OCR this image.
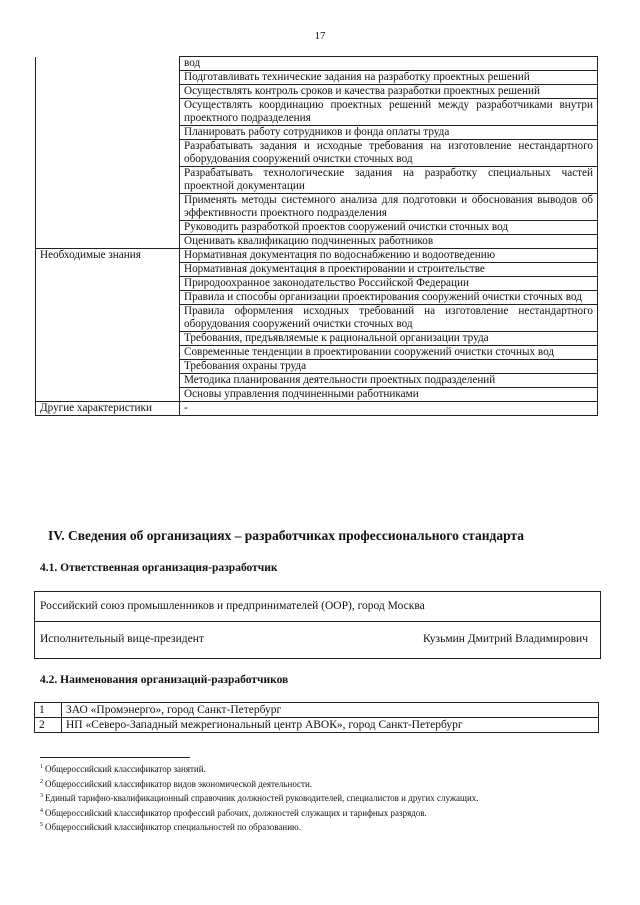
17
	вод
	Подготавливать технические задания на разработку проектных решений
	Осуществлять контроль сроков и качества разработки проектных решений
	Осуществлять координацию проектных решений между разработчиками внутри проектного подразделения
	Планировать работу сотрудников и фонда оплаты труда
	Разрабатывать задания и исходные требования на изготовление нестандартного оборудования сооружений очистки сточных вод
	Разрабатывать технологические задания на разработку специальных частей проектной документации
	Применять методы системного анализа для подготовки и обоснования выводов об эффективности проектного подразделения
	Руководить разработкой проектов сооружений очистки сточных вод
	Оценивать квалификацию подчиненных работников
Необходимые знания	Нормативная документация по водоснабжению и водоотведению
	Нормативная документация в проектировании и строительстве
	Природоохранное законодательство Российской Федерации
	Правила и способы организации проектирования сооружений очистки сточных вод
	Правила оформления исходных требований на изготовление нестандартного оборудования сооружений очистки сточных вод
	Требования, предъявляемые к рациональной организации труда
	Современные тенденции в проектировании сооружений очистки сточных вод
	Требования охраны труда
	Методика планирования деятельности проектных подразделений
	Основы управления подчиненными работниками
Другие характеристики	-
IV. Сведения об организациях – разработчиках профессионального стандарта
4.1. Ответственная организация-разработчик
Российский союз промышленников и предпринимателей (ООР), город Москва
Исполнительный вице-президент	Кузьмин Дмитрий Владимирович
4.2. Наименования организаций-разработчиков
1	ЗАО «Промэнерго», город Санкт-Петербург
2	НП «Северо-Западный межрегиональный центр АВОК», город Санкт-Петербург
$^1$ Общероссийский классификатор занятий.
$^2$ Общероссийский классификатор видов экономической деятельности.
$^3$ Единый тарифно-квалификационный справочник должностей руководителей, специалистов и других служащих.
$^4$ Общероссийский классификатор профессий рабочих, должностей служащих и тарифных разрядов.
$^5$ Общероссийский классификатор специальностей по образованию.
